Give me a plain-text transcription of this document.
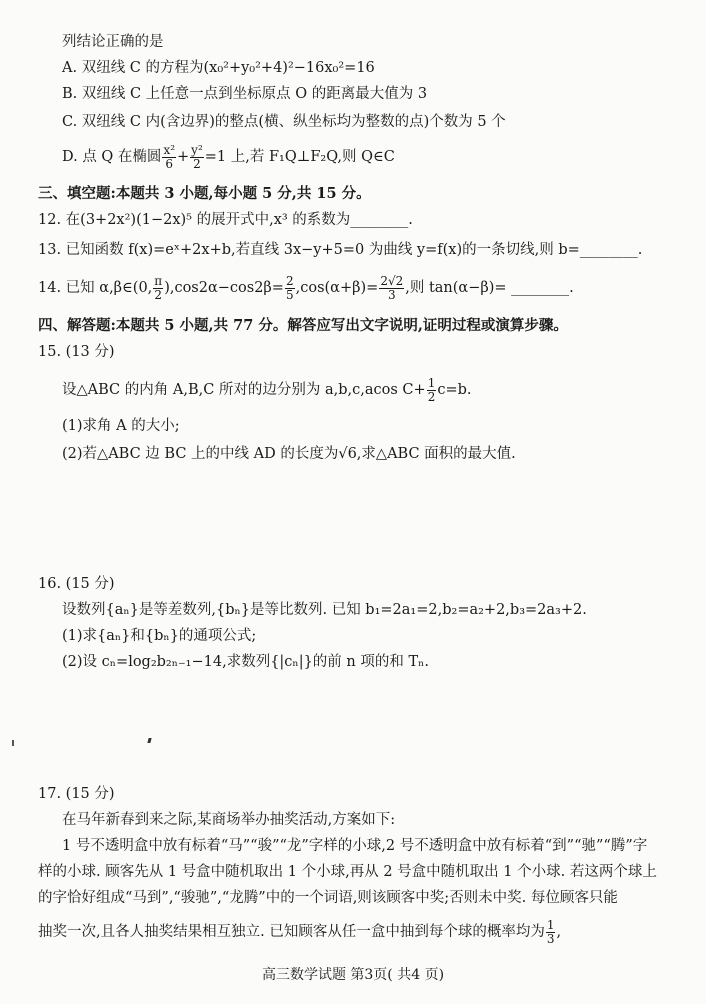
列结论正确的是
A. 双纽线 C 的方程为(x₀²+y₀²+4)²−16x₀²=16
B. 双纽线 C 上任意一点到坐标原点 O 的距离最大值为 3
C. 双纽线 C 内(含边界)的整点(横、纵坐标均为整数的点)个数为 5 个
D. 点 Q 在椭圆 $\frac{\text{x²}}{6} + \frac{\text{y²}}{2} =1$ 上,若 F₁Q⊥F₂Q,则 Q∈C
三、填空题:本题共 3 小题,每小题 5 分,共 15 分。
12. 在(3+2x²)(1−2x)⁵ 的展开式中,x³ 的系数为________.
13. 已知函数 f(x)=eˣ+2x+b,若直线 3x−y+5=0 为曲线 y=f(x)的一条切线,则 b=________.
14. 已知 α,β∈(0, $\frac{\pi}{2} ),\cos 2\alpha-\cos 2\beta= \frac{2}{5} ,\cos(\alpha+\beta)= \frac{2√2}{3}$ ,则 tan(α−β)= ________.
四、解答题:本题共 5 小题,共 77 分。解答应写出文字说明,证明过程或演算步骤。
15. (13 分)
设△ABC 的内角 A,B,C 所对的边分别为 a,b,c,acos $C+ \frac{1}{2} c=b$.
(1)求角 A 的大小;
(2)若△ABC 边 BC 上的中线 AD 的长度为√6,求△ABC 面积的最大值.
16. (15 分)
设数列{aₙ}是等差数列,{bₙ}是等比数列. 已知 b₁=2a₁=2,b₂=a₂+2,b₃=2a₃+2.
(1)求{aₙ}和{bₙ}的通项公式;
(2)设 cₙ=log₂b₂ₙ₋₁−14,求数列{|cₙ|}的前 n 项的和 Tₙ.
17. (15 分)
在马年新春到来之际,某商场举办抽奖活动,方案如下:
1 号不透明盒中放有标着“马”“骏”“龙”字样的小球,2 号不透明盒中放有标着“到”“驰”“腾”字
样的小球. 顾客先从 1 号盒中随机取出 1 个小球,再从 2 号盒中随机取出 1 个小球. 若这两个球上
的字恰好组成“马到”,“骏驰”,“龙腾”中的一个词语,则该顾客中奖;否则未中奖. 每位顾客只能
抽奖一次,且各人抽奖结果相互独立. 已知顾客从任一盒中抽到每个球的概率均为 $\frac{1}{3}$ ,
高三数学试题 第3页( 共4 页)
